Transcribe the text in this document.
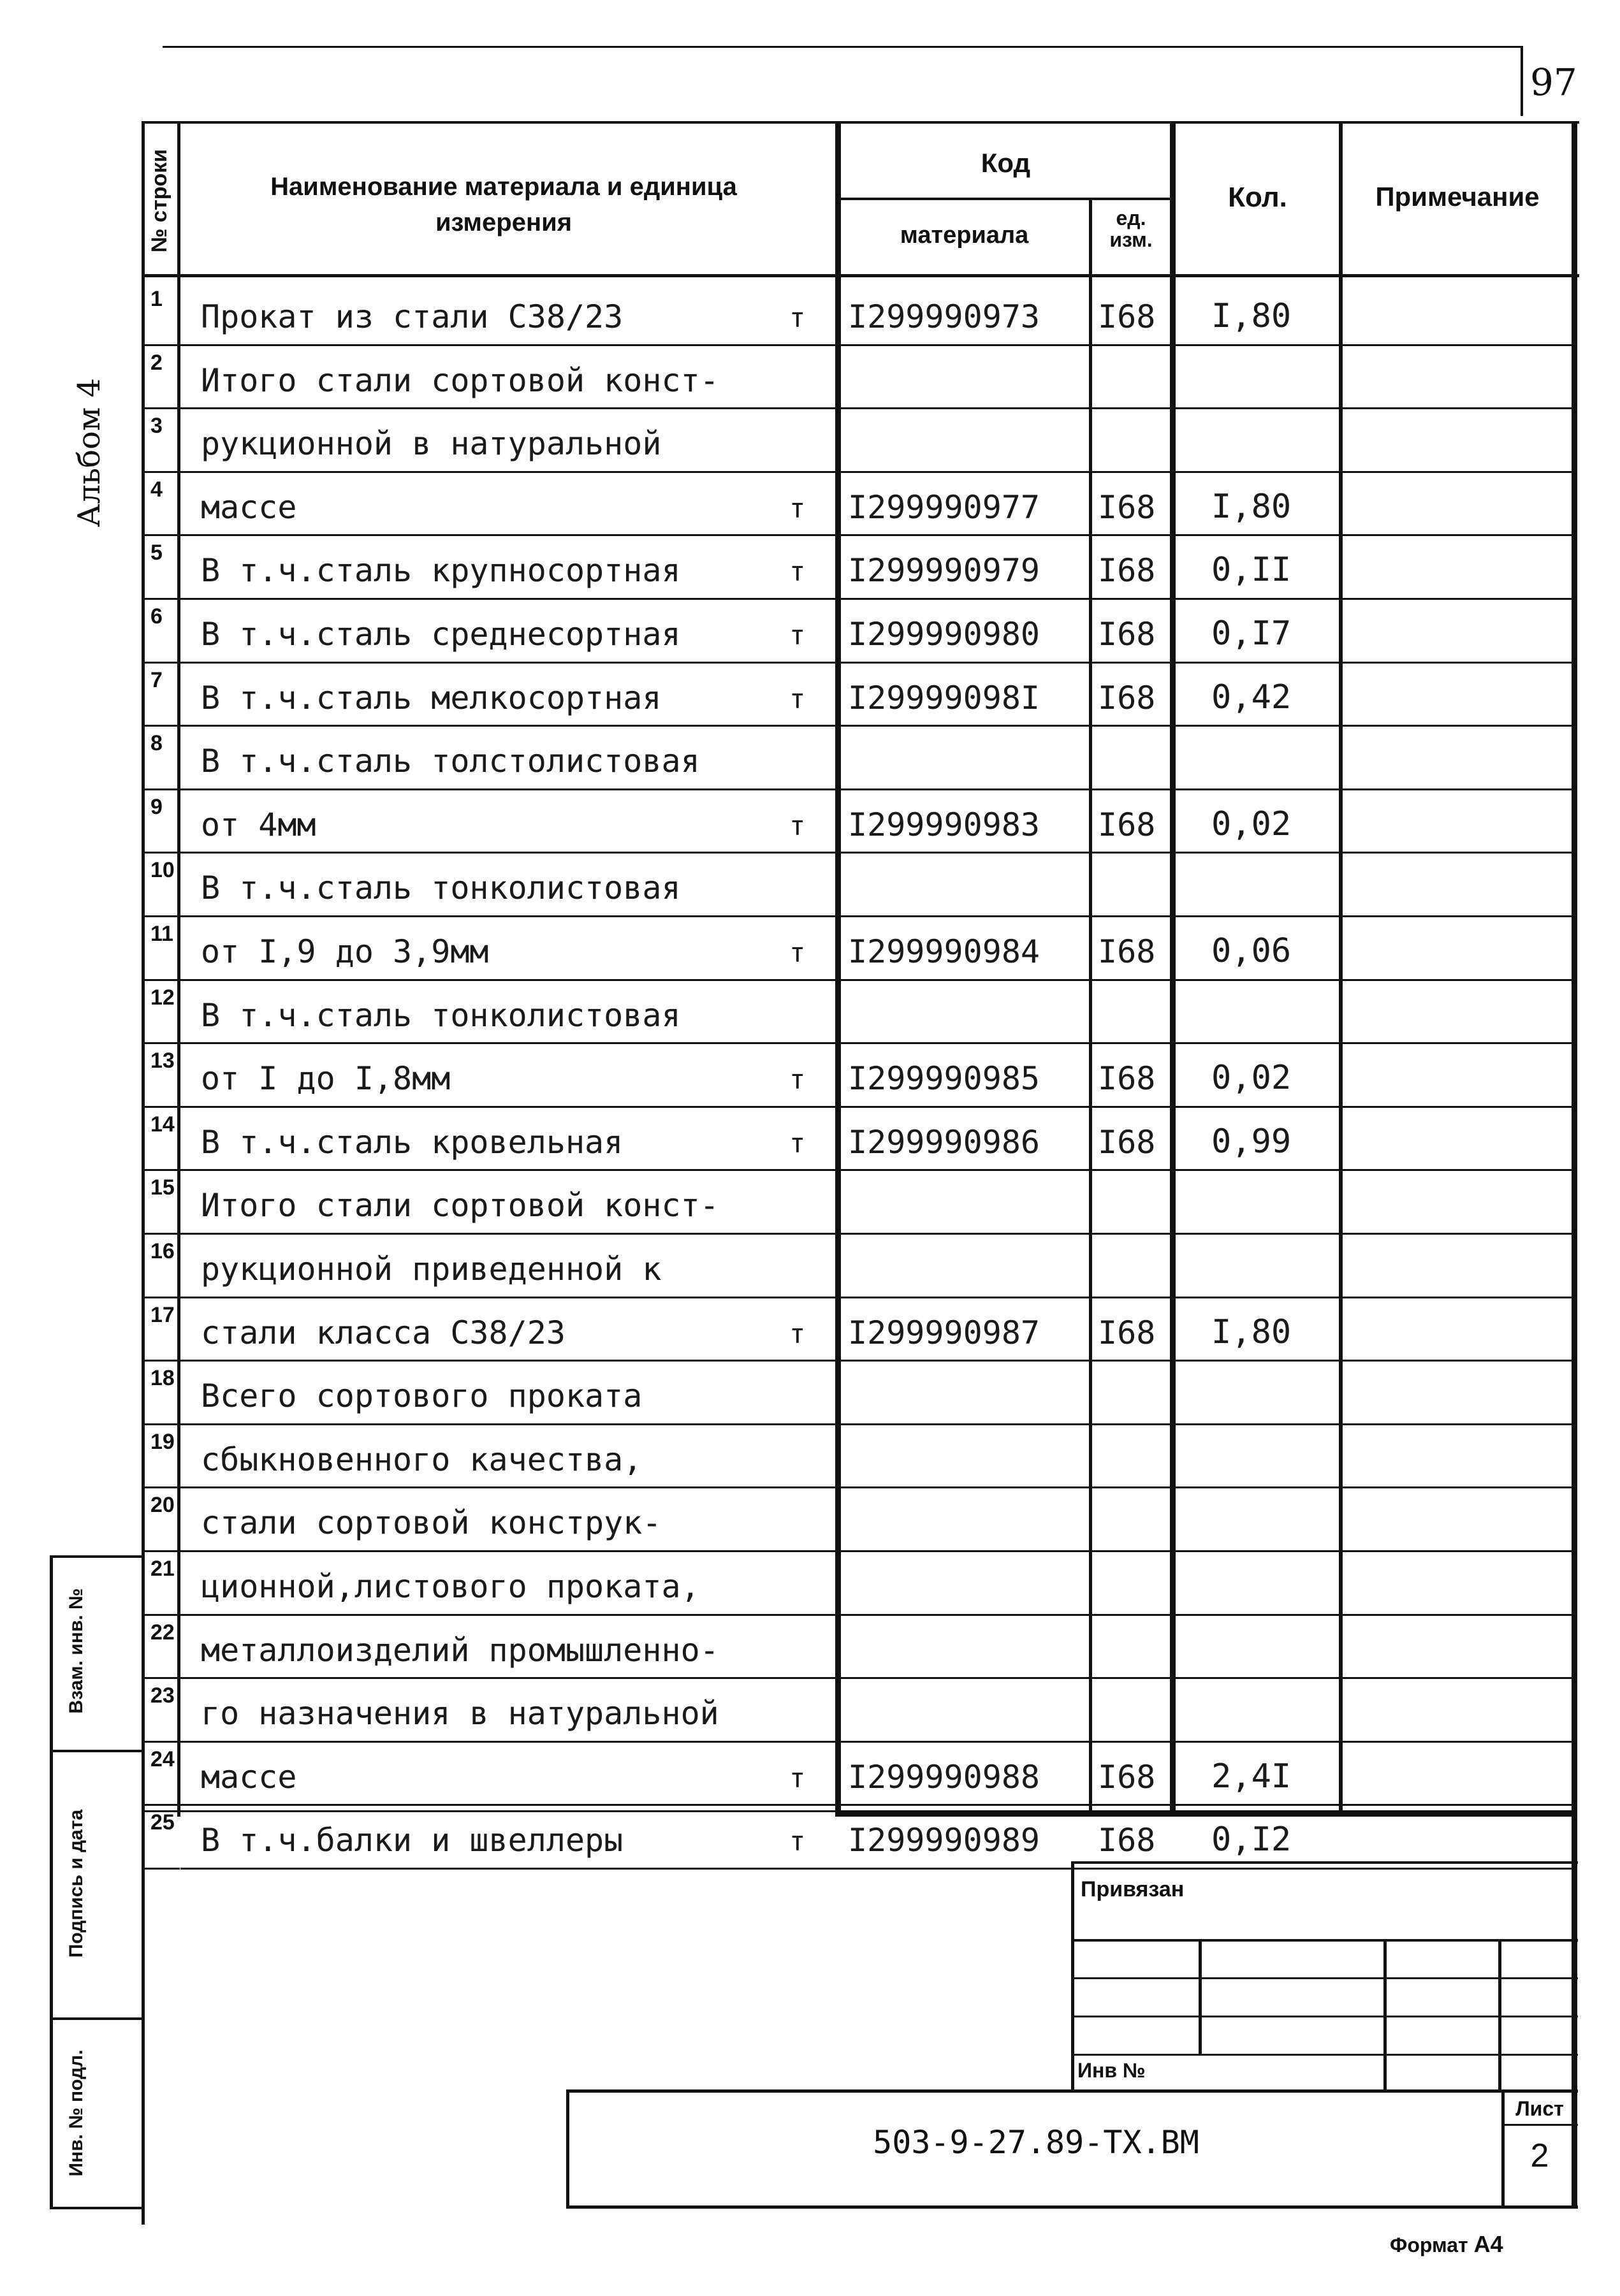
97
Альбом 4
№ строки	Наименование материала и единица измерения
Код
материала
ед. изм.
Кол.	Примечание
1 Прокат из стали С38/23	т I299990973 I68 I,80
2 Итого стали сортовой конст-
3 рукционной в натуральной
4 массе	т I299990977 I68 I,80
5 В т.ч.сталь крупносортная	т I299990979 I68 0,II
6 В т.ч.сталь среднесортная	т I299990980 I68 0,I7
7 В т.ч.сталь мелкосортная	т I29999098I I68 0,42
8 В т.ч.сталь толстолистовая
9 от 4мм	т I299990983 I68 0,02
10 В т.ч.сталь тонколистовая
11 от I,9 до 3,9мм	т I299990984 I68 0,06
12 В т.ч.сталь тонколистовая
13 от I до I,8мм	т I299990985 I68 0,02
14 В т.ч.сталь кровельная	т I299990986 I68 0,99
15 Итого стали сортовой конст-
16 рукционной приведенной к
17 стали класса С38/23	т I299990987 I68 I,80
18 Всего сортового проката
19 сбыкновенного качества,
20 стали сортовой конструк-
21 ционной,листового проката,
22 металлоизделий промышленно-
23 го назначения в натуральной
24 массе	т I299990988 I68 2,4I
25 В т.ч.балки и швеллеры	т I299990989 I68 0,I2
Взам. инв. №
Подпись и дата
Инв. № подл.
Привязан
Инв №
503-9-27.89-ТХ.ВМ
Лист
2
Формат А4
